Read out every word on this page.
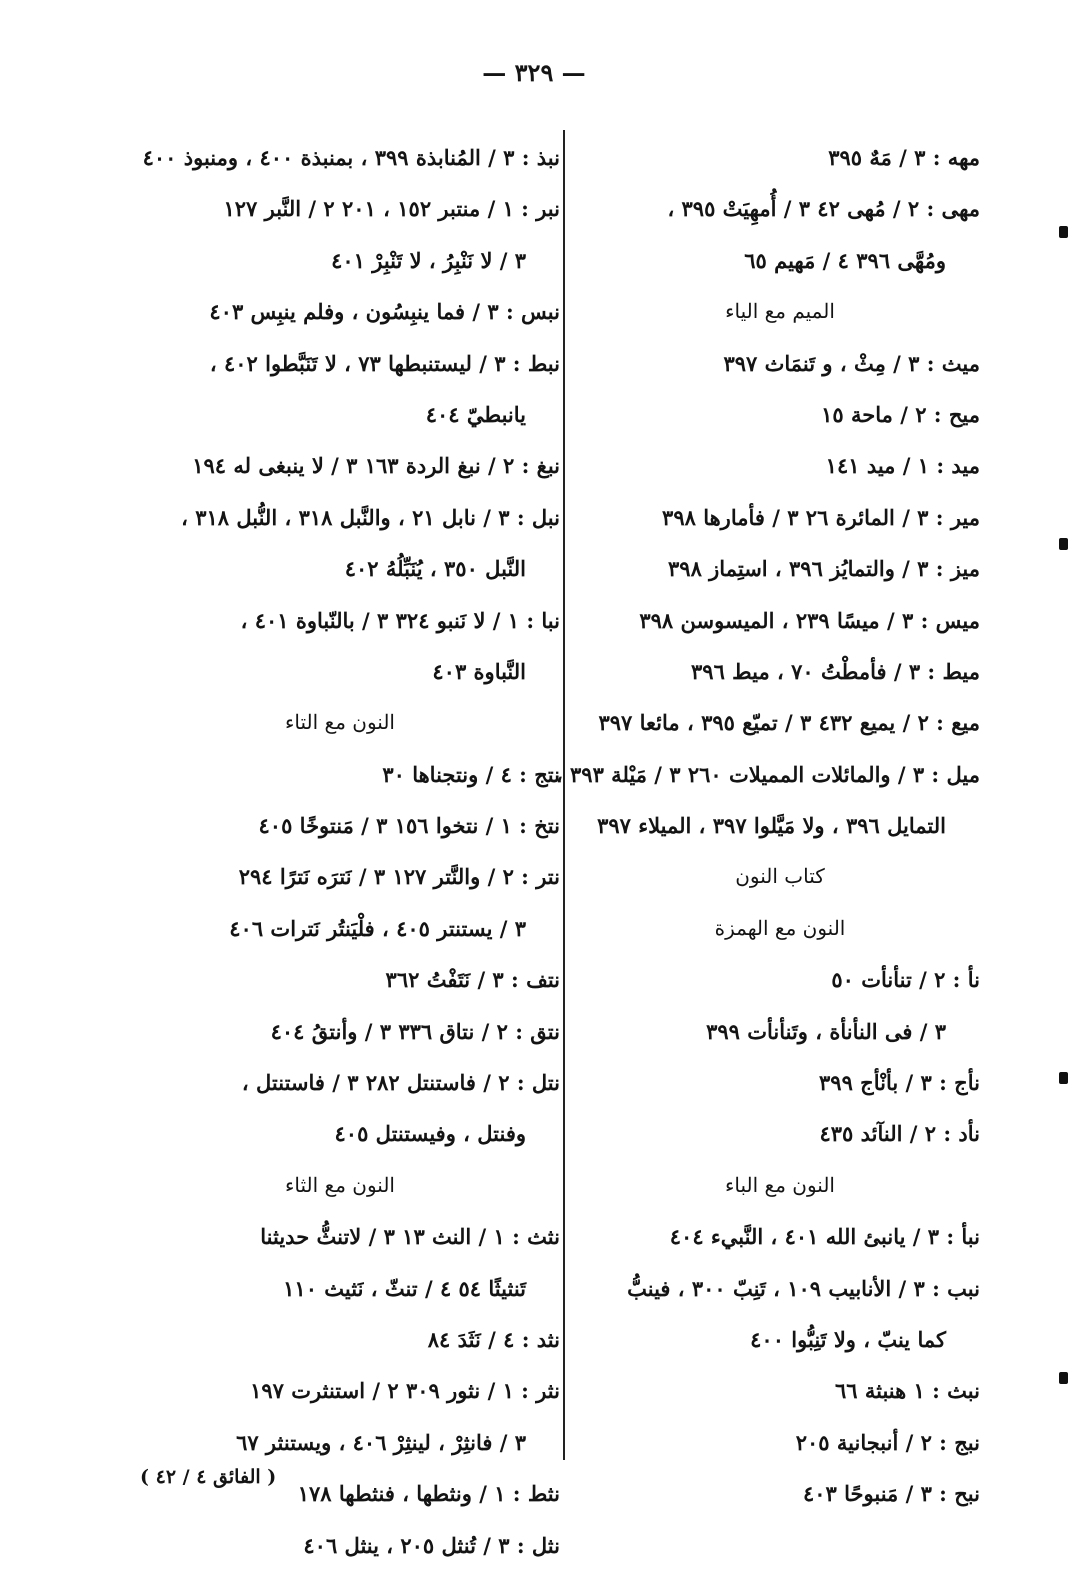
— ٣٢٩ —
مهه : ٣ / مَهٌ ٣٩٥
مهى : ٢ / مُهى ٤٢ ٣ / أُمهِيَتْ ٣٩٥ ،
ومُهَّى ٣٩٦ ٤ / مَهيم ٦٥
الميم مع الياء
ميث : ٣ / مِثْ ، و تَنمَاث ٣٩٧
ميح : ٢ / ماحة ١٥
ميد : ١ / ميد ١٤١
مير : ٣ / المائرة ٢٦ ٣ / فأمارها ٣٩٨
ميز : ٣ / والتمايُز ٣٩٦ ، استِماز ٣٩٨
ميس : ٣ / ميسًا ٢٣٩ ، الميسوسن ٣٩٨
ميط : ٣ / فأمطْتُ ٧٠ ، ميط ٣٩٦
ميع : ٢ / يميع ٤٣٢ ٣ / تميّع ٣٩٥ ، مائعا ٣٩٧
ميل : ٣ / والمائلات المميلات ٢٦٠ ٣ / مَيْلة ٣٩٣ ،
التمايل ٣٩٦ ، ولا مَيَّلوا ٣٩٧ ، الميلاء ٣٩٧
كتاب النون
النون مع الهمزة
نأ : ٢ / تنأنأت ٥٠
٣ / فى النأنأة ، وتَنأنأت ٣٩٩
نأج : ٣ / بأنْأج ٣٩٩
نأد : ٢ / النآئد ٤٣٥
النون مع الباء
نبأ : ٣ / يانبئ الله ٤٠١ ، النَّبيء ٤٠٤
نبب : ٣ / الأنابيب ١٠٩ ، تَنِبّ ٣٠٠ ، فينبُّ
كما ينبّ ، ولا تَنِبُّوا ٤٠٠
نبث : ١ هنبثة ٦٦
نبج : ٢ / أنبجانية ٢٠٥
نبح : ٣ / مَنبوحًا ٤٠٣
نبذ : ٣ / المُنابذة ٣٩٩ ، بمنبذة ٤٠٠ ، ومنبوذ ٤٠٠
نبر : ١ / منتبر ١٥٢ ، ٢٠١ ٢ / النَّبر ١٢٧
٣ / لا نَنْبِرُ ، لا تَنْبِرْ ٤٠١
نبس : ٣ / فما ينبِسُون ، وفلم ينبِس ٤٠٣
نبط : ٣ / ليستنبطها ٧٣ ، لا تَنَبَّطوا ٤٠٢ ،
يانبطيّ ٤٠٤
نبغ : ٢ / نبغ الردة ١٦٣ ٣ / لا ينبغى له ١٩٤
نبل : ٣ / نابل ٢١ ، والنَّبل ٣١٨ ، النُّبل ٣١٨ ،
النَّبل ٣٥٠ ، يُنَبِّلُهُ ٤٠٢
نبا : ١ / لا نَنبو ٣٢٤ ٣ / بالنّباوة ٤٠١ ،
النَّباوة ٤٠٣
النون مع التاء
نتج : ٤ / ونتجناها ٣٠
نتخ : ١ / نتخوا ١٥٦ ٣ / مَنتوخًا ٤٠٥
نتر : ٢ / والنَّتر ١٢٧ ٣ / نَترَه نَترًا ٢٩٤
٣ / يستنتر ٤٠٥ ، فلْيَنتُر نَترات ٤٠٦
نتف : ٣ / نَتَفْتُ ٣٦٢
نتق : ٢ / نتاق ٣٣٦ ٣ / وأنتقُ ٤٠٤
نتل : ٢ / فاستنتل ٢٨٢ ٣ / فاستنتل ،
وفنتل ، وفيستنتل ٤٠٥
النون مع الثاء
نثث : ١ / النث ١٣ ٣ / لاتنثُّ حديثنا
تَنثيثًا ٥٤ ٤ / تنثّ ، نَثيث ١١٠
نثد : ٤ / نَثَدَ ٨٤
نثر : ١ / نثور ٣٠٩ ٢ / استنثرت ١٩٧
٣ / فانثِرْ ، لينثِرْ ٤٠٦ ، ويستنثر ٦٧
نثط : ١ / ونثطها ، فنثطها ١٧٨
نثل : ٣ / تُنثل ٢٠٥ ، ينثل ٤٠٦
( الفائق ٤ / ٤٢ )
